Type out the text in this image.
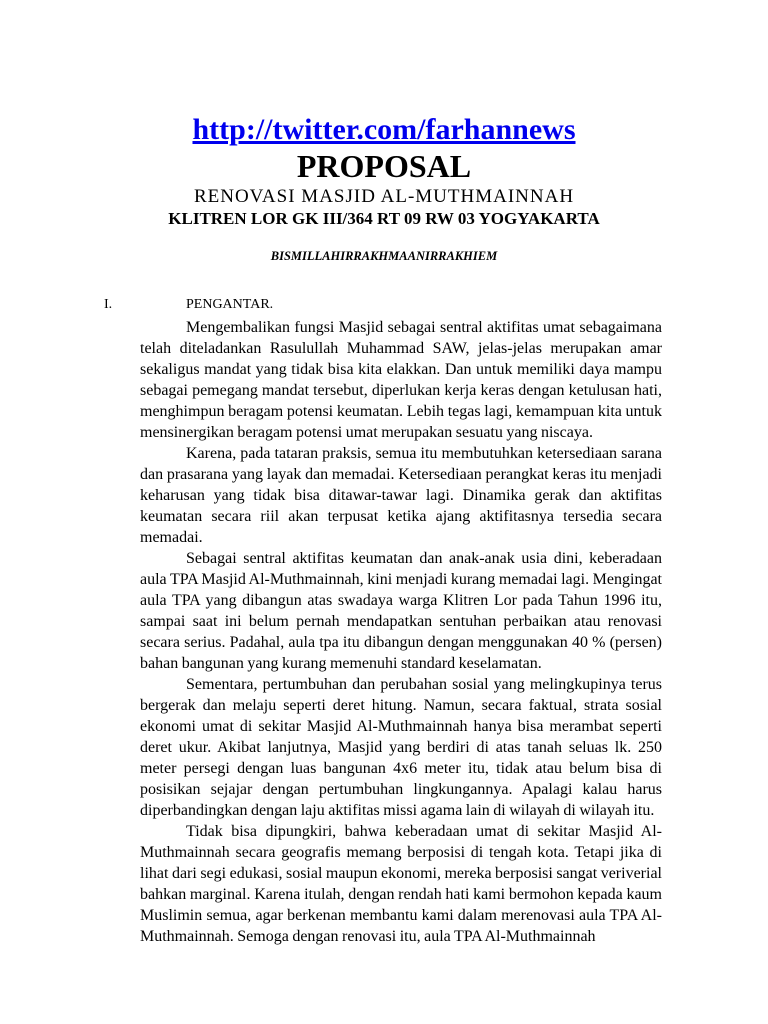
http://twitter.com/farhannews
PROPOSAL
RENOVASI MASJID AL-MUTHMAINNAH
KLITREN LOR GK III/364 RT 09 RW 03 YOGYAKARTA
BISMILLAHIRRAKHMAANIRRAKHIEM
I.	PENGANTAR.

Mengembalikan fungsi Masjid sebagai sentral aktifitas umat sebagaimana telah diteladankan Rasulullah Muhammad SAW, jelas-jelas merupakan amar sekaligus mandat yang tidak bisa kita elakkan. Dan untuk memiliki daya mampu sebagai pemegang mandat tersebut, diperlukan kerja keras dengan ketulusan hati, menghimpun beragam potensi keumatan. Lebih tegas lagi, kemampuan kita untuk mensinergikan beragam potensi umat merupakan sesuatu yang niscaya.

Karena, pada tataran praksis, semua itu membutuhkan ketersediaan sarana dan prasarana yang layak dan memadai. Ketersediaan perangkat keras itu menjadi keharusan yang tidak bisa ditawar-tawar lagi. Dinamika gerak dan aktifitas keumatan secara riil akan terpusat ketika ajang aktifitasnya tersedia secara memadai.

Sebagai sentral aktifitas keumatan dan anak-anak usia dini, keberadaan aula TPA Masjid Al-Muthmainnah, kini menjadi kurang memadai lagi. Mengingat aula TPA yang dibangun atas swadaya warga Klitren Lor pada Tahun 1996 itu, sampai saat ini belum pernah mendapatkan sentuhan perbaikan atau renovasi secara serius. Padahal, aula tpa itu dibangun dengan menggunakan 40 % (persen) bahan bangunan yang kurang memenuhi standard keselamatan.

Sementara, pertumbuhan dan perubahan sosial yang melingkupinya terus bergerak dan melaju seperti deret hitung. Namun, secara faktual, strata sosial ekonomi umat di sekitar Masjid Al-Muthmainnah hanya bisa merambat seperti deret ukur. Akibat lanjutnya, Masjid yang berdiri di atas tanah seluas lk. 250 meter persegi dengan luas bangunan 4x6 meter itu, tidak atau belum bisa di posisikan sejajar dengan pertumbuhan lingkungannya. Apalagi kalau harus diperbandingkan dengan laju aktifitas missi agama lain di wilayah di wilayah itu.

Tidak bisa dipungkiri, bahwa keberadaan umat di sekitar Masjid Al-Muthmainnah secara geografis memang berposisi di tengah kota. Tetapi jika di lihat dari segi edukasi, sosial maupun ekonomi, mereka berposisi sangat veriverial bahkan marginal. Karena itulah, dengan rendah hati kami bermohon kepada kaum Muslimin semua, agar berkenan membantu kami dalam merenovasi aula TPA Al-Muthmainnah. Semoga dengan renovasi itu, aula TPA Al-Muthmainnah
